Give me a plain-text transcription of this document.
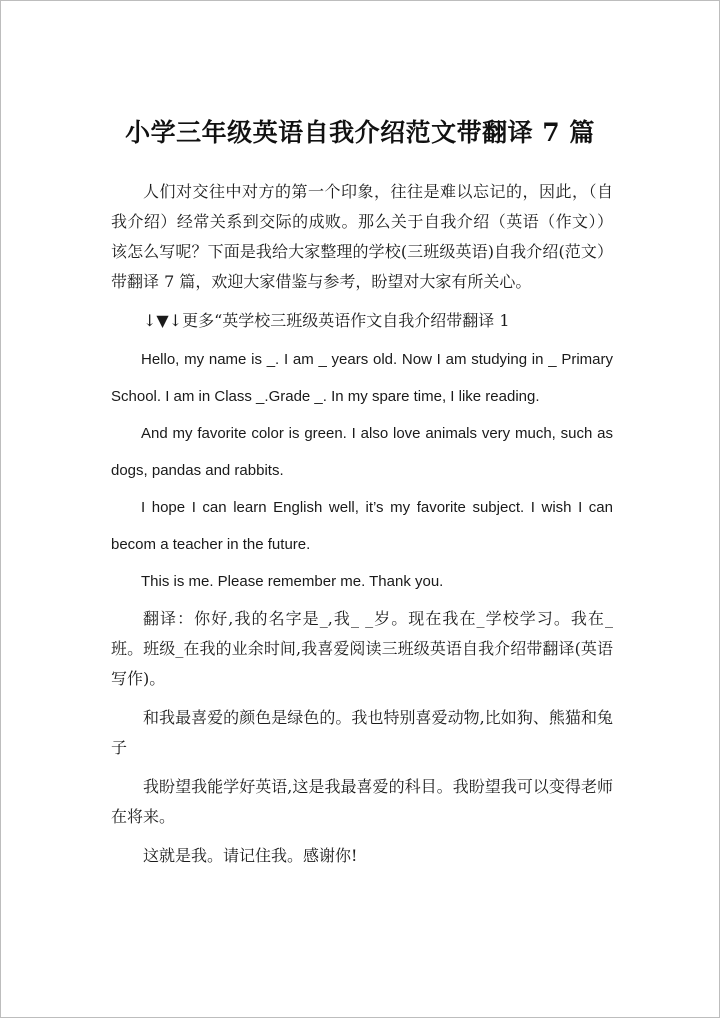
小学三年级英语自我介绍范文带翻译 7 篇

人们对交往中对方的第一个印象，往往是难以忘记的，因此，（自我介绍）经常关系到交际的成败。那么关于自我介绍（英语（作文））该怎么写呢？下面是我给大家整理的学校(三班级英语)自我介绍(范文）带翻译 7 篇，欢迎大家借鉴与参考，盼望对大家有所关心。

↓▼↓更多“英学校三班级英语作文自我介绍带翻译 1

Hello, my name is _. I am _ years old. Now I am studying in _ Primary School. I am in Class _.Grade _. In my spare time, I like reading.

And my favorite color is green. I also love animals very much, such as dogs, pandas and rabbits.

I hope I can learn English well, it’s my favorite subject. I wish I can becom a teacher in the future.

This is me. Please remember me. Thank you.

翻译：你好,我的名字是_,我_ _岁。现在我在_学校学习。我在_班。班级_在我的业余时间,我喜爱阅读三班级英语自我介绍带翻译(英语写作)。

和我最喜爱的颜色是绿色的。我也特别喜爱动物,比如狗、熊猫和兔子

我盼望我能学好英语,这是我最喜爱的科目。我盼望我可以变得老师在将来。

这就是我。请记住我。感谢你!
